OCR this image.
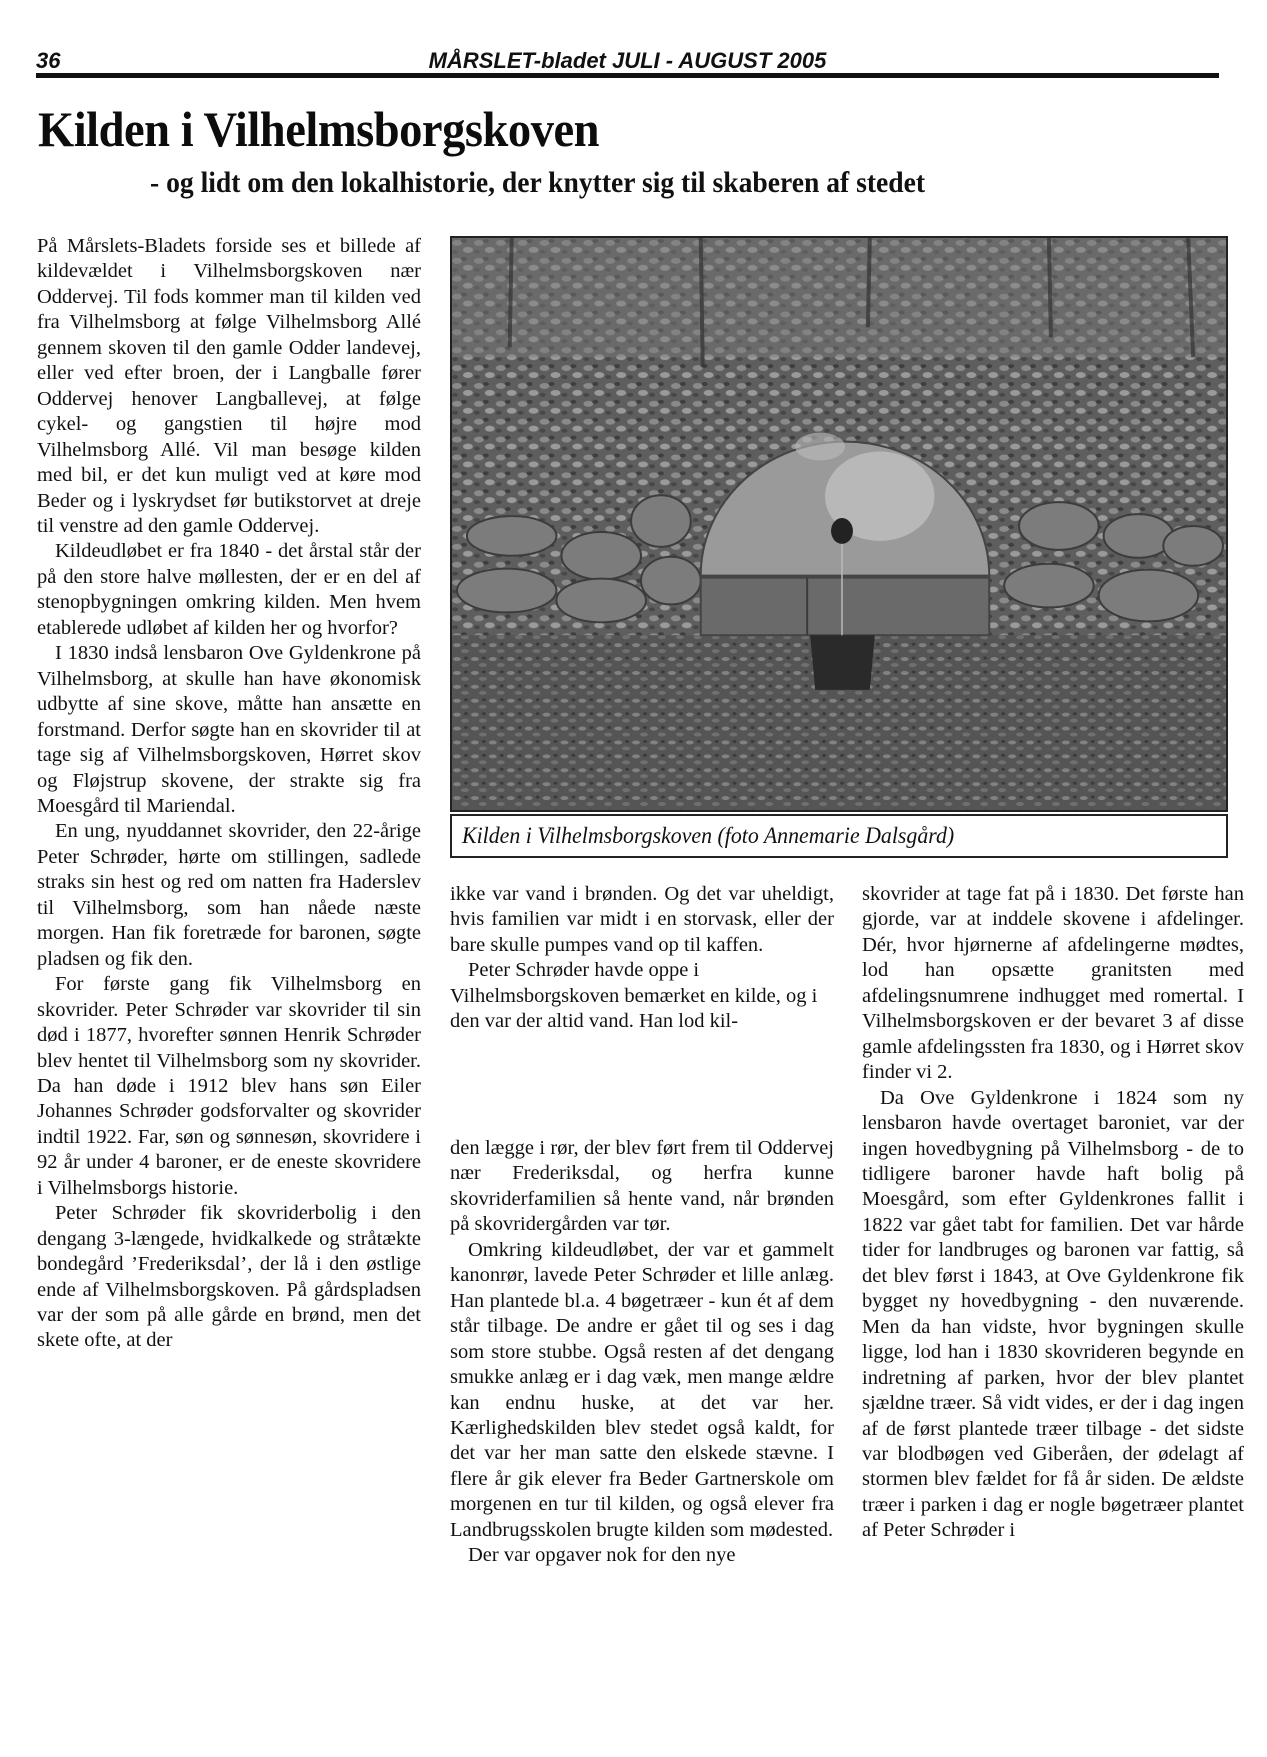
36	MÅRSLET-bladet JULI - AUGUST 2005
Kilden i Vilhelmsborgskoven
- og lidt om den lokalhistorie, der knytter sig til skaberen af stedet

På Mårslets-Bladets forside ses et billede af kildevældet i Vilhelmsborgskoven nær Oddervej. Til fods kommer man til kilden ved fra Vilhelmsborg at følge Vilhelmsborg Allé gennem skoven til den gamle Odder landevej, eller ved efter broen, der i Langballe fører Oddervej henover Langballevej, at følge cykel- og gangstien til højre mod Vilhelmsborg Allé. Vil man besøge kilden med bil, er det kun muligt ved at køre mod Beder og i lyskrydset før butikstorvet at dreje til venstre ad den gamle Oddervej.

Kildeudløbet er fra 1840 - det årstal står der på den store halve møllesten, der er en del af stenopbygningen omkring kilden. Men hvem etablerede udløbet af kilden her og hvorfor?

I 1830 indså lensbaron Ove Gyldenkrone på Vilhelmsborg, at skulle han have økonomisk udbytte af sine skove, måtte han ansætte en forstmand. Derfor søgte han en skovrider til at tage sig af Vilhelmsborgskoven, Hørret skov og Fløjstrup skovene, der strakte sig fra Moesgård til Mariendal.

En ung, nyuddannet skovrider, den 22-årige Peter Schrøder, hørte om stillingen, sadlede straks sin hest og red om natten fra Haderslev til Vilhelmsborg, som han nåede næste morgen. Han fik foretræde for baronen, søgte pladsen og fik den.

For første gang fik Vilhelmsborg en skovrider. Peter Schrøder var skovrider til sin død i 1877, hvorefter sønnen Henrik Schrøder blev hentet til Vilhelmsborg som ny skovrider. Da han døde i 1912 blev hans søn Eiler Johannes Schrøder godsforvalter og skovrider indtil 1922. Far, søn og sønnesøn, skovridere i 92 år under 4 baroner, er de eneste skovridere i Vilhelmsborgs historie.

Peter Schrøder fik skovriderbolig i den dengang 3-længede, hvidkalkede og stråtækte bondegård ’Frederiksdal’, der lå i den østlige ende af Vilhelmsborgskoven. På gårdspladsen var der som på alle gårde en brønd, men det skete ofte, at der

Kilden i Vilhelmsborgskoven (foto Annemarie Dalsgård)

ikke var vand i brønden. Og det var uheldigt, hvis familien var midt i en storvask, eller der bare skulle pumpes vand op til kaffen.

Peter Schrøder havde oppe i Vilhelmsborgskoven bemærket en kilde, og i den var der altid vand. Han lod kil-

den lægge i rør, der blev ført frem til Oddervej nær Frederiksdal, og herfra kunne skovriderfamilien så hente vand, når brønden på skovridergården var tør.

Omkring kildeudløbet, der var et gammelt kanonrør, lavede Peter Schrøder et lille anlæg. Han plantede bl.a. 4 bøgetræer - kun ét af dem står tilbage. De andre er gået til og ses i dag som store stubbe. Også resten af det dengang smukke anlæg er i dag væk, men mange ældre kan endnu huske, at det var her. Kærlighedskilden blev stedet også kaldt, for det var her man satte den elskede stævne. I flere år gik elever fra Beder Gartnerskole om morgenen en tur til kilden, og også elever fra Landbrugsskolen brugte kilden som mødested.

Der var opgaver nok for den nye

skovrider at tage fat på i 1830. Det første han gjorde, var at inddele skovene i afdelinger. Dér, hvor hjørnerne af afdelingerne mødtes, lod han opsætte granitsten med afdelingsnumrene indhugget med romertal. I Vilhelmsborgskoven er der bevaret 3 af disse gamle afdelingssten fra 1830, og i Hørret skov finder vi 2.

Da Ove Gyldenkrone i 1824 som ny lensbaron havde overtaget baroniet, var der ingen hovedbygning på Vilhelmsborg - de to tidligere baroner havde haft bolig på Moesgård, som efter Gyldenkrones fallit i 1822 var gået tabt for familien. Det var hårde tider for landbruges og baronen var fattig, så det blev først i 1843, at Ove Gyldenkrone fik bygget ny hovedbygning - den nuværende. Men da han vidste, hvor bygningen skulle ligge, lod han i 1830 skovrideren begynde en indretning af parken, hvor der blev plantet sjældne træer. Så vidt vides, er der i dag ingen af de først plantede træer tilbage - det sidste var blodbøgen ved Giberåen, der ødelagt af stormen blev fældet for få år siden. De ældste træer i parken i dag er nogle bøgetræer plantet af Peter Schrøder i
